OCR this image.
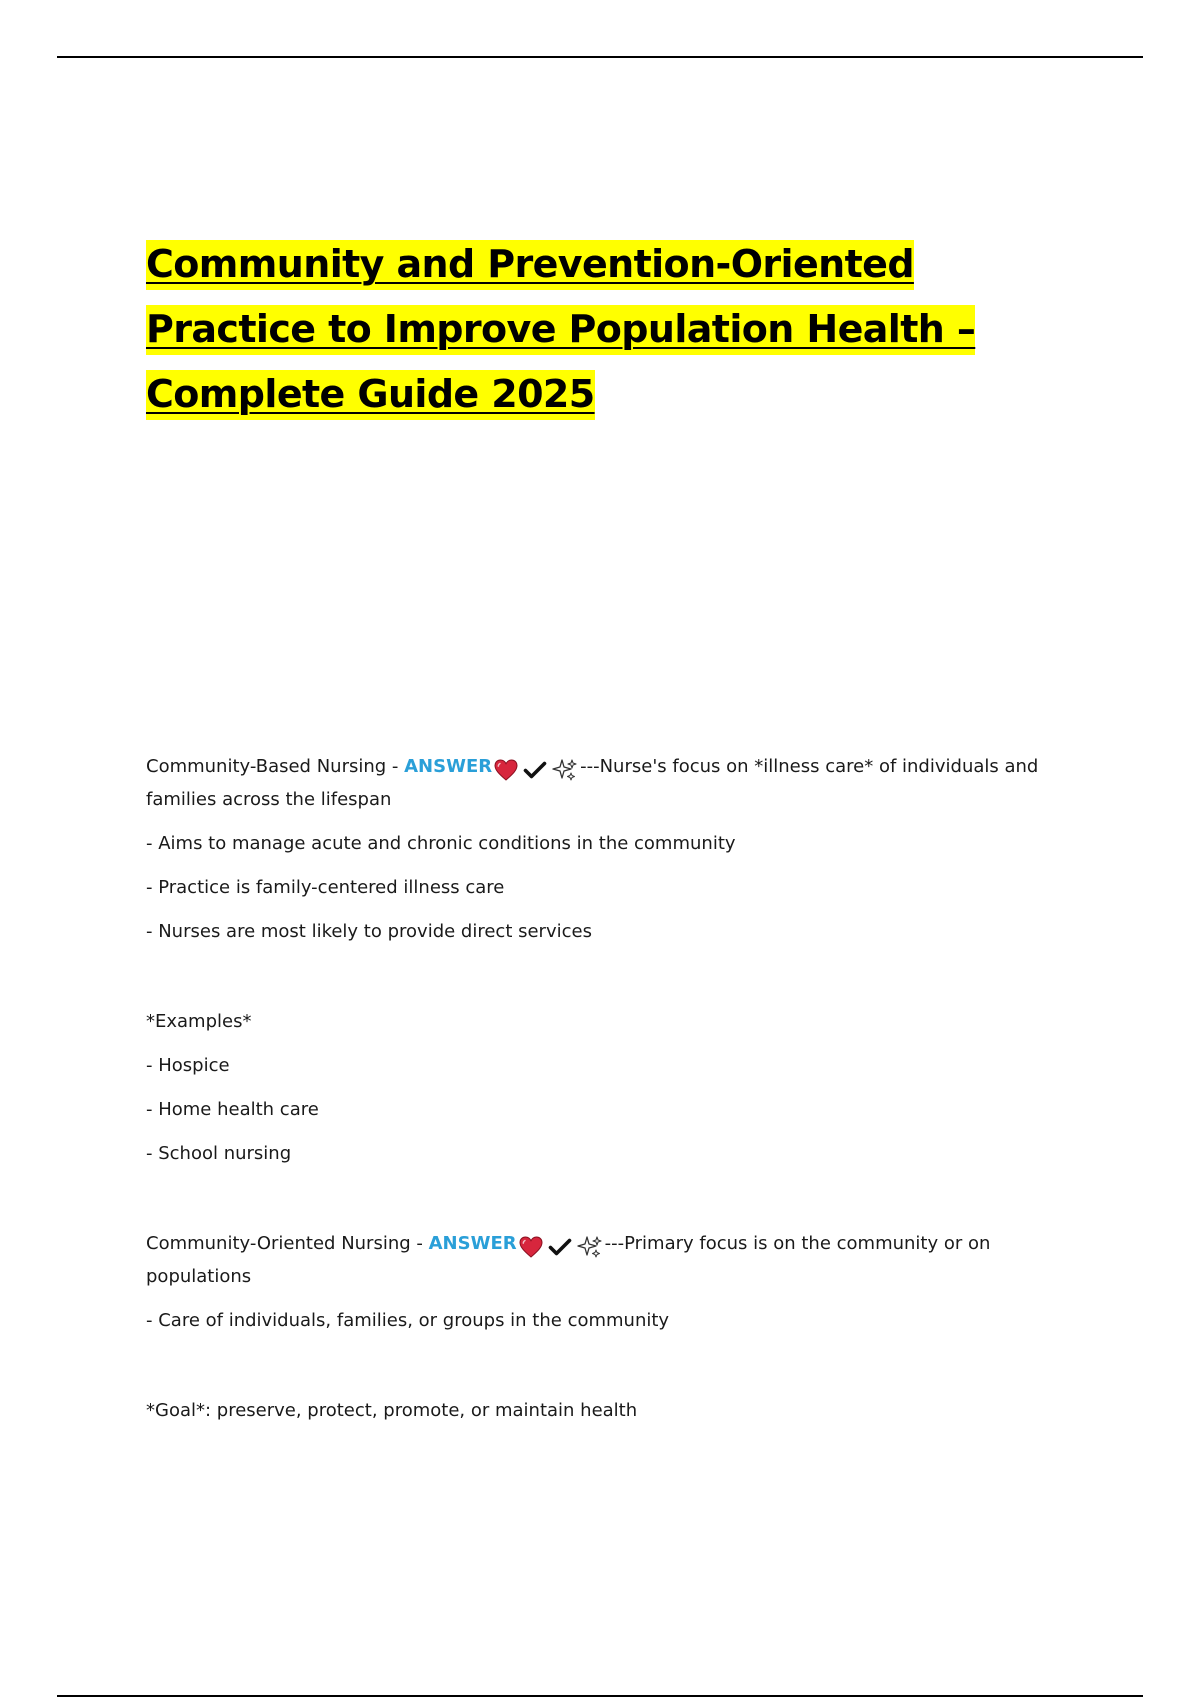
Community and Prevention-Oriented Practice to Improve Population Health – Complete Guide 2025

Community-Based Nursing - ANSWER	---Nurse's focus on *illness care* of individuals and families across the lifespan

- Aims to manage acute and chronic conditions in the community

- Practice is family-centered illness care

- Nurses are most likely to provide direct services

*Examples*

- Hospice

- Home health care

- School nursing

Community-Oriented Nursing - ANSWER	---Primary focus is on the community or on populations

- Care of individuals, families, or groups in the community

*Goal*: preserve, protect, promote, or maintain health
